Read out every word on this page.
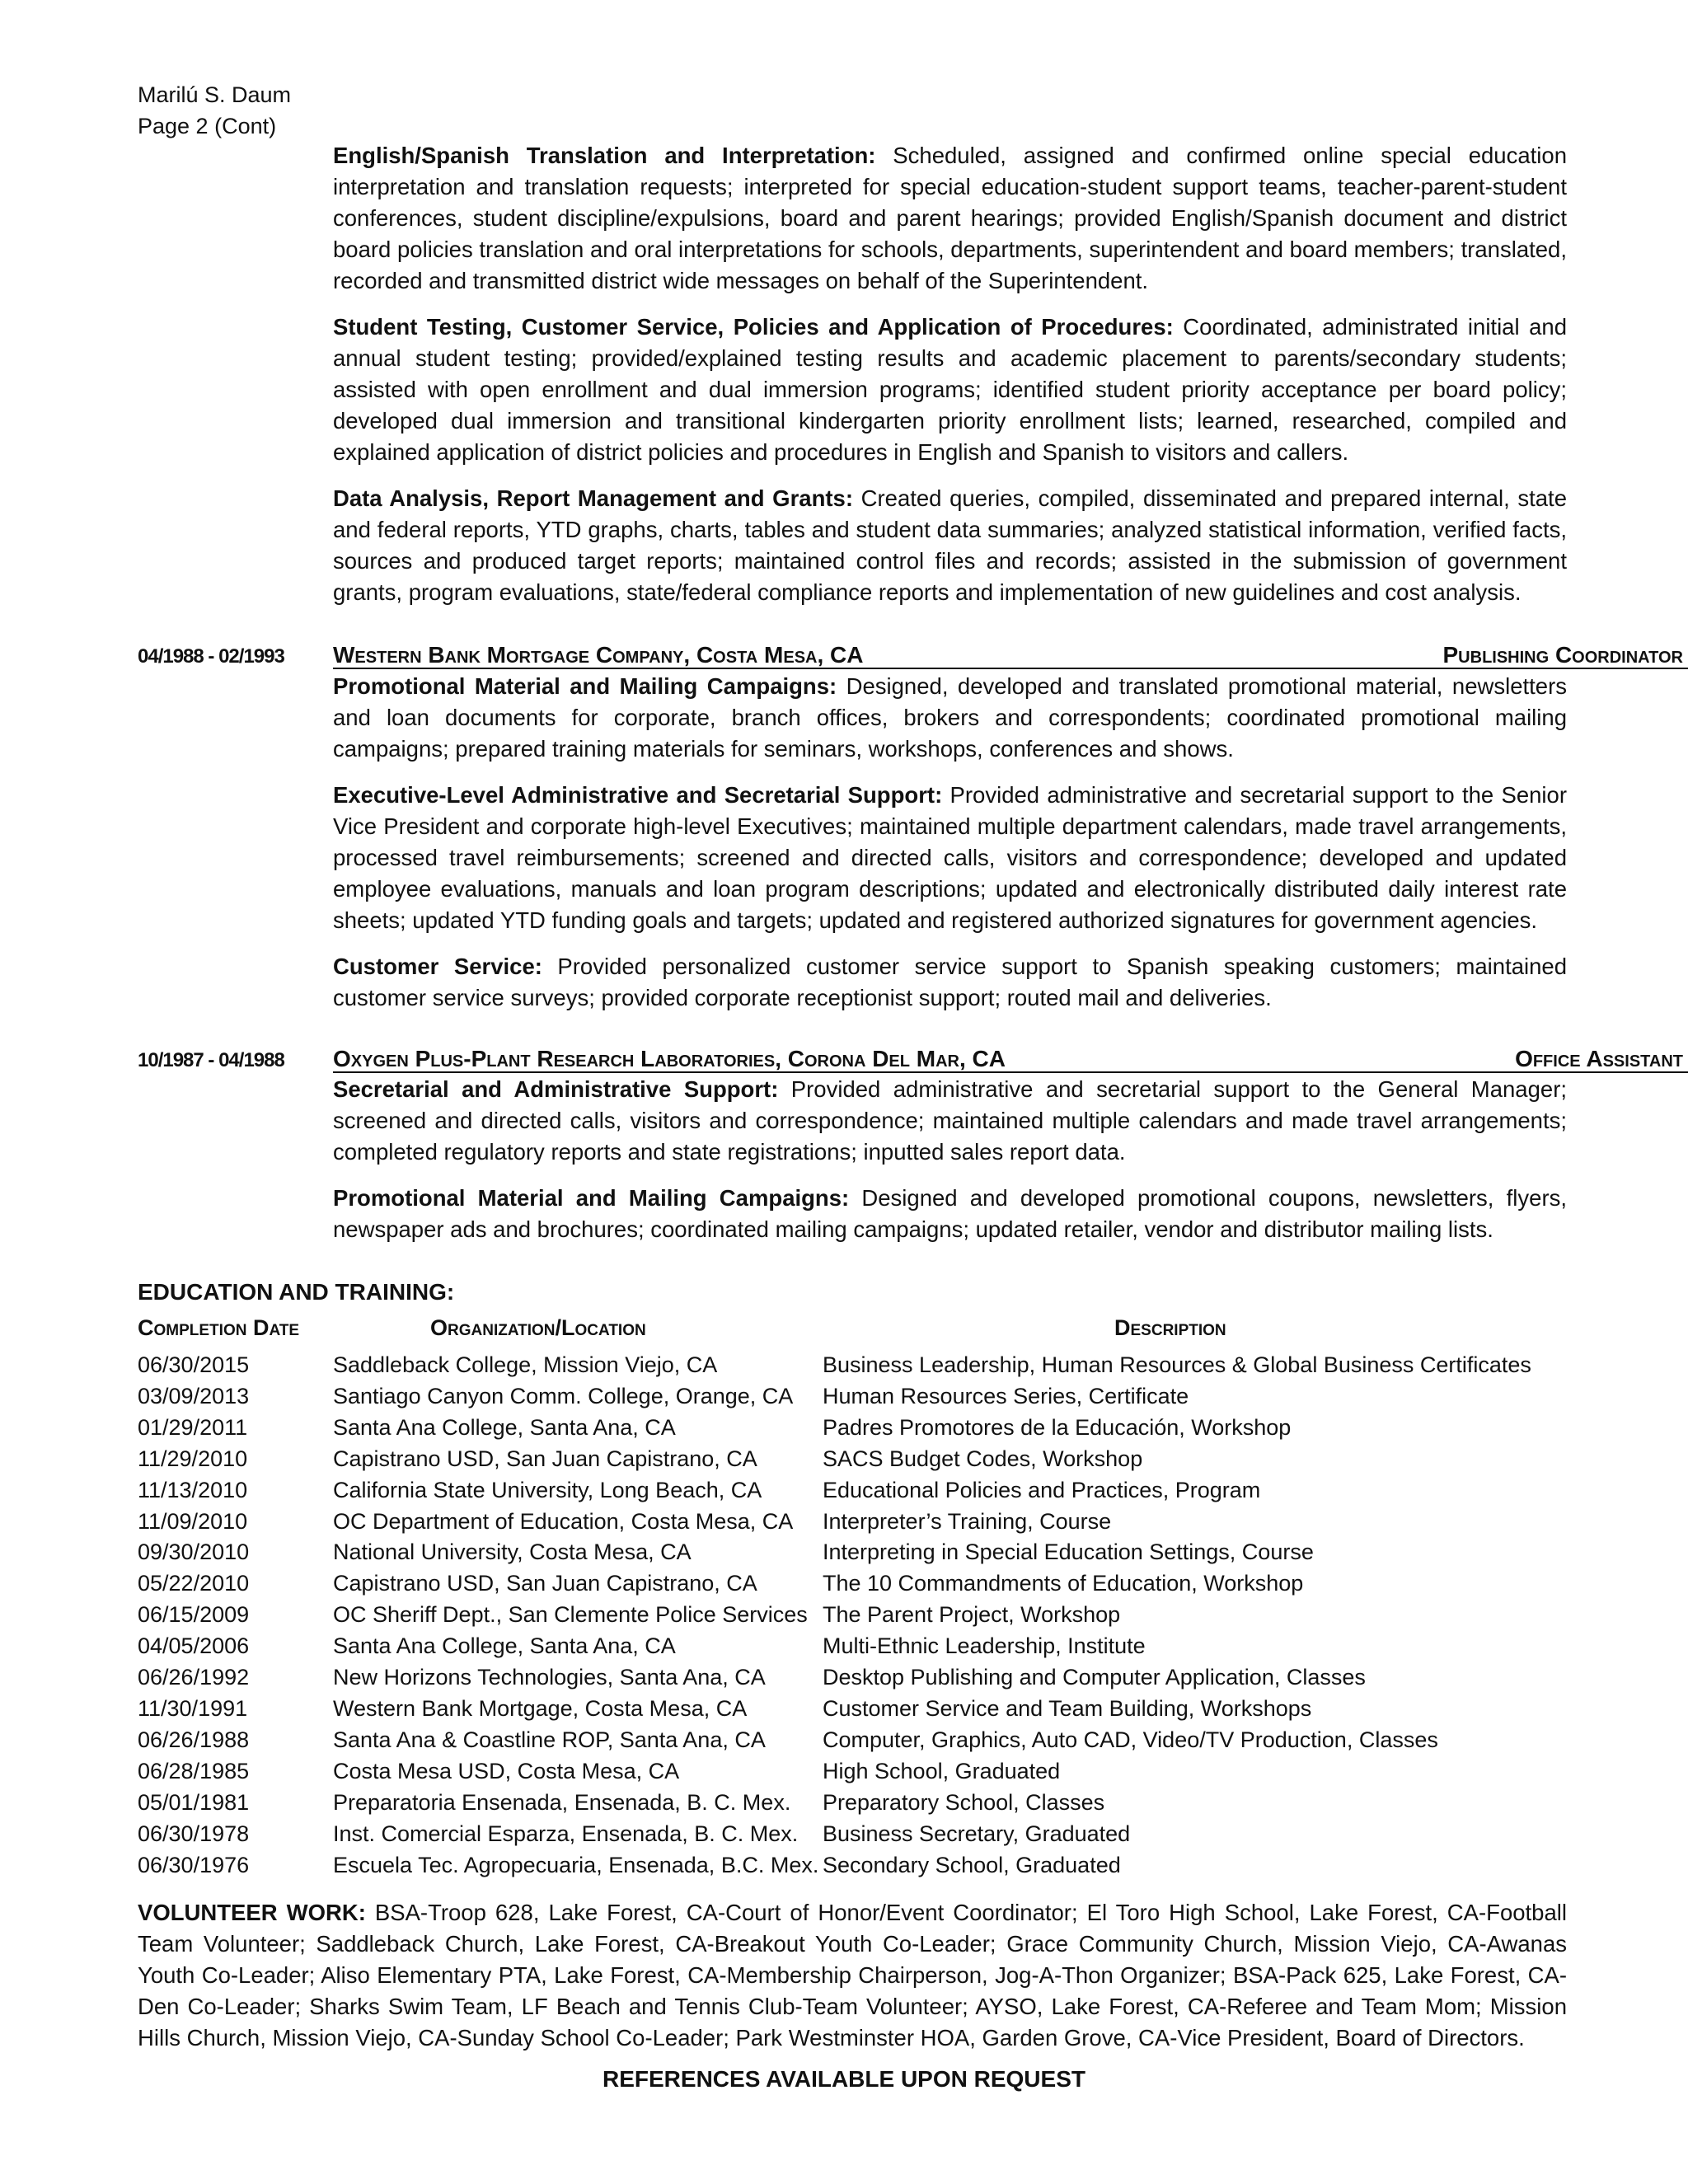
Marilú S. Daum
Page 2 (Cont)

English/Spanish Translation and Interpretation: Scheduled, assigned and confirmed online special education interpretation and translation requests; interpreted for special education-student support teams, teacher-parent-student conferences, student discipline/expulsions, board and parent hearings; provided English/Spanish document and district board policies translation and oral interpretations for schools, departments, superintendent and board members; translated, recorded and transmitted district wide messages on behalf of the Superintendent.

Student Testing, Customer Service, Policies and Application of Procedures: Coordinated, administrated initial and annual student testing; provided/explained testing results and academic placement to parents/secondary students; assisted with open enrollment and dual immersion programs; identified student priority acceptance per board policy; developed dual immersion and transitional kindergarten priority enrollment lists; learned, researched, compiled and explained application of district policies and procedures in English and Spanish to visitors and callers.

Data Analysis, Report Management and Grants: Created queries, compiled, disseminated and prepared internal, state and federal reports, YTD graphs, charts, tables and student data summaries; analyzed statistical information, verified facts, sources and produced target reports; maintained control files and records; assisted in the submission of government grants, program evaluations, state/federal compliance reports and implementation of new guidelines and cost analysis.

04/1988 - 02/1993 Western Bank Mortgage Company, Costa Mesa, CA	Publishing Coordinator

Promotional Material and Mailing Campaigns: Designed, developed and translated promotional material, newsletters and loan documents for corporate, branch offices, brokers and correspondents; coordinated promotional mailing campaigns; prepared training materials for seminars, workshops, conferences and shows.

Executive-Level Administrative and Secretarial Support: Provided administrative and secretarial support to the Senior Vice President and corporate high-level Executives; maintained multiple department calendars, made travel arrangements, processed travel reimbursements; screened and directed calls, visitors and correspondence; developed and updated employee evaluations, manuals and loan program descriptions; updated and electronically distributed daily interest rate sheets; updated YTD funding goals and targets; updated and registered authorized signatures for government agencies.

Customer Service: Provided personalized customer service support to Spanish speaking customers; maintained customer service surveys; provided corporate receptionist support; routed mail and deliveries.

10/1987 - 04/1988 Oxygen Plus-Plant Research Laboratories, Corona Del Mar, CA	Office Assistant

Secretarial and Administrative Support: Provided administrative and secretarial support to the General Manager; screened and directed calls, visitors and correspondence; maintained multiple calendars and made travel arrangements; completed regulatory reports and state registrations; inputted sales report data.

Promotional Material and Mailing Campaigns: Designed and developed promotional coupons, newsletters, flyers, newspaper ads and brochures; coordinated mailing campaigns; updated retailer, vendor and distributor mailing lists.

EDUCATION AND TRAINING:
Completion Date	Organization/Location	Description
06/30/2015	Saddleback College, Mission Viejo, CA	Business Leadership, Human Resources & Global Business Certificates
03/09/2013	Santiago Canyon Comm. College, Orange, CA	Human Resources Series, Certificate
01/29/2011	Santa Ana College, Santa Ana, CA	Padres Promotores de la Educación, Workshop
11/29/2010	Capistrano USD, San Juan Capistrano, CA	SACS Budget Codes, Workshop
11/13/2010	California State University, Long Beach, CA	Educational Policies and Practices, Program
11/09/2010	OC Department of Education, Costa Mesa, CA	Interpreter’s Training, Course
09/30/2010	National University, Costa Mesa, CA	Interpreting in Special Education Settings, Course
05/22/2010	Capistrano USD, San Juan Capistrano, CA	The 10 Commandments of Education, Workshop
06/15/2009	OC Sheriff Dept., San Clemente Police Services	The Parent Project, Workshop
04/05/2006	Santa Ana College, Santa Ana, CA	Multi-Ethnic Leadership, Institute
06/26/1992	New Horizons Technologies, Santa Ana, CA	Desktop Publishing and Computer Application, Classes
11/30/1991	Western Bank Mortgage, Costa Mesa, CA	Customer Service and Team Building, Workshops
06/26/1988	Santa Ana & Coastline ROP, Santa Ana, CA	Computer, Graphics, Auto CAD, Video/TV Production, Classes
06/28/1985	Costa Mesa USD, Costa Mesa, CA	High School, Graduated
05/01/1981	Preparatoria Ensenada, Ensenada, B. C. Mex.	Preparatory School, Classes
06/30/1978	Inst. Comercial Esparza, Ensenada, B. C. Mex.	Business Secretary, Graduated
06/30/1976	Escuela Tec. Agropecuaria, Ensenada, B.C. Mex.	Secondary School, Graduated
VOLUNTEER WORK: BSA-Troop 628, Lake Forest, CA-Court of Honor/Event Coordinator; El Toro High School, Lake Forest, CA-Football Team Volunteer; Saddleback Church, Lake Forest, CA-Breakout Youth Co-Leader; Grace Community Church, Mission Viejo, CA-Awanas Youth Co-Leader; Aliso Elementary PTA, Lake Forest, CA-Membership Chairperson, Jog-A-Thon Organizer; BSA-Pack 625, Lake Forest, CA-Den Co-Leader; Sharks Swim Team, LF Beach and Tennis Club-Team Volunteer; AYSO, Lake Forest, CA-Referee and Team Mom; Mission Hills Church, Mission Viejo, CA-Sunday School Co-Leader; Park Westminster HOA, Garden Grove, CA-Vice President, Board of Directors.
REFERENCES AVAILABLE UPON REQUEST
